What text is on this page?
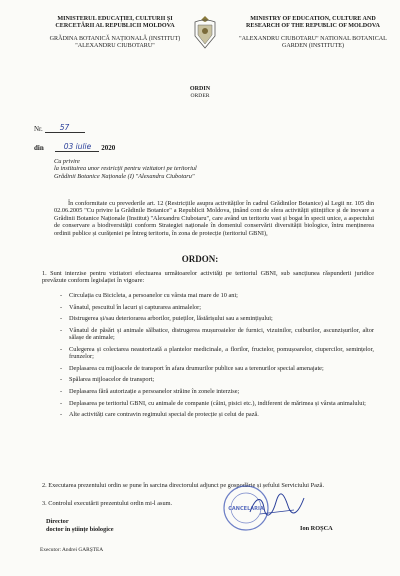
MINISTERUL EDUCAȚIEI, CULTURII ȘI CERCETĂRII AL REPUBLICII MOLDOVA
GRĂDINA BOTANICĂ NAȚIONALĂ (INSTITUT) "ALEXANDRU CIUBOTARU"
MINISTRY OF EDUCATION, CULTURE AND RESEARCH OF THE REPUBLIC OF MOLDOVA
"ALEXANDRU CIUBOTARU" NATIONAL BOTANICAL GARDEN (INSTITUTE)
ORDIN
ORDER
Nr. 57
din	03 iulie 2020
Cu privire
la instituirea unor restricții pentru vizitatori pe teritoriul
Grădinii Botanice Naționale (I) "Alexandru Ciubotaru"
În conformitate cu prevederile art. 12 (Restricțiile asupra activităților în cadrul Grădinilor Botanice) al Legii nr. 105 din 02.06.2005 "Cu privire la Grădinile Botanice" a Republicii Moldova, ținând cont de sfera activității științifice și de inovare a Grădinii Botanice Naționale (Institut) "Alexandru Ciubotaru", care având un teritoriu vast și bogat în specii unice, a aspectului de conservare a biodiversității conform Strategiei naționale în domeniul conservării diversității biologice, întru menținerea ordinii publice și curățeniei pe întreg teritoriu, în zona de protecție (teritoriul GBNI),
ORDON:
1. Sunt interzise pentru vizitatori efectuarea următoarelor activități pe teritoriul GBNI, sub sancțiunea răspunderii juridice prevăzute conform legislației în vigoare:
- Circulația cu Bicicleta, a persoanelor cu vârsta mai mare de 10 ani;
- Vânatul, pescuitul în lacuri și capturarea animalelor;
- Distrugerea și/sau deteriorarea arborilor, puieților, lăstărișului sau a semințișului;
- Vânatul de păsări și animale sălbatice, distrugerea mușuroaielor de furnici, vizuinilor, cuiburilor, ascunzișurilor, altor sălașe de animale;
- Culegerea și colectarea neautorizată a plantelor medicinale, a florilor, fructelor, pomușoarelor, ciupercilor, semințelor, frunzelor;
- Deplasarea cu mijloacele de transport în afara drumurilor publice sau a terenurilor special amenajate;
- Spălarea mijloacelor de transport;
- Deplasarea fără autorizație a persoanelor străine în zonele interzise;
- Deplasarea pe teritoriul GBNI, cu animale de companie (câini, pisici etc.), indiferent de mărimea și vârsta animalului;
- Alte activități care contravin regimului special de protecție și celui de pază.
2. Executarea prezentului ordin se pune în sarcina directorului adjunct pe gospodărie și șefului Serviciului Pază.
3. Controlul executării prezentului ordin mi-l asum.
CANCELARIA
Director
doctor în științe biologice	Ion ROȘCA
Executor: Andrei GARȘTEA
